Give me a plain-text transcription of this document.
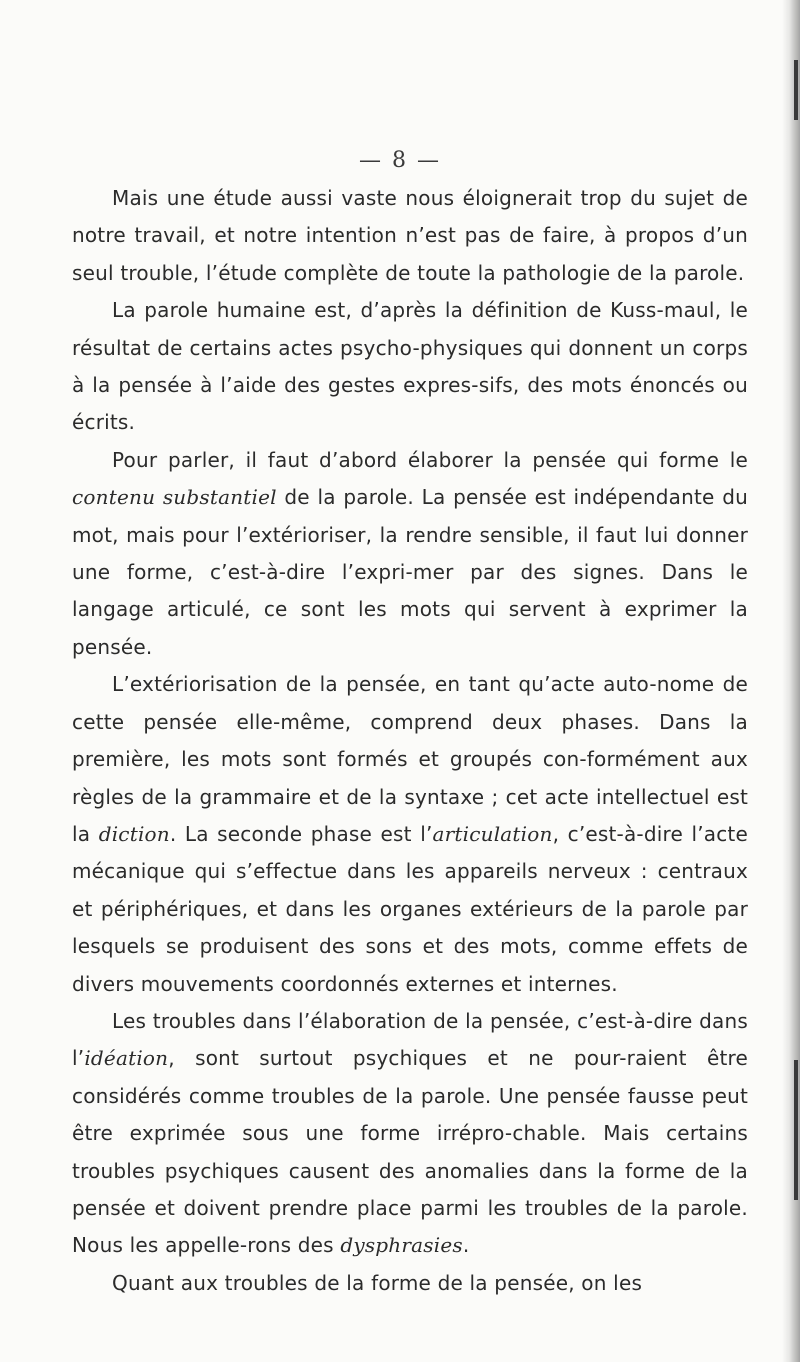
— 8 —

Mais une étude aussi vaste nous éloignerait trop du sujet de notre travail, et notre intention n’est pas de faire, à propos d’un seul trouble, l’étude complète de toute la pathologie de la parole.

La parole humaine est, d’après la définition de Kuss-maul, le résultat de certains actes psycho-physiques qui donnent un corps à la pensée à l’aide des gestes expres-sifs, des mots énoncés ou écrits.

Pour parler, il faut d’abord élaborer la pensée qui forme le contenu substantiel de la parole. La pensée est indépendante du mot, mais pour l’extérioriser, la rendre sensible, il faut lui donner une forme, c’est-à-dire l’expri-mer par des signes. Dans le langage articulé, ce sont les mots qui servent à exprimer la pensée.

L’extériorisation de la pensée, en tant qu’acte auto-nome de cette pensée elle-même, comprend deux phases. Dans la première, les mots sont formés et groupés con-formément aux règles de la grammaire et de la syntaxe ; cet acte intellectuel est la diction. La seconde phase est l’articulation, c’est-à-dire l’acte mécanique qui s’effectue dans les appareils nerveux : centraux et périphériques, et dans les organes extérieurs de la parole par lesquels se produisent des sons et des mots, comme effets de divers mouvements coordonnés externes et internes.

Les troubles dans l’élaboration de la pensée, c’est-à-dire dans l’idéation, sont surtout psychiques et ne pour-raient être considérés comme troubles de la parole. Une pensée fausse peut être exprimée sous une forme irrépro-chable. Mais certains troubles psychiques causent des anomalies dans la forme de la pensée et doivent prendre place parmi les troubles de la parole. Nous les appelle-rons des dysphrasies.

Quant aux troubles de la forme de la pensée, on les
